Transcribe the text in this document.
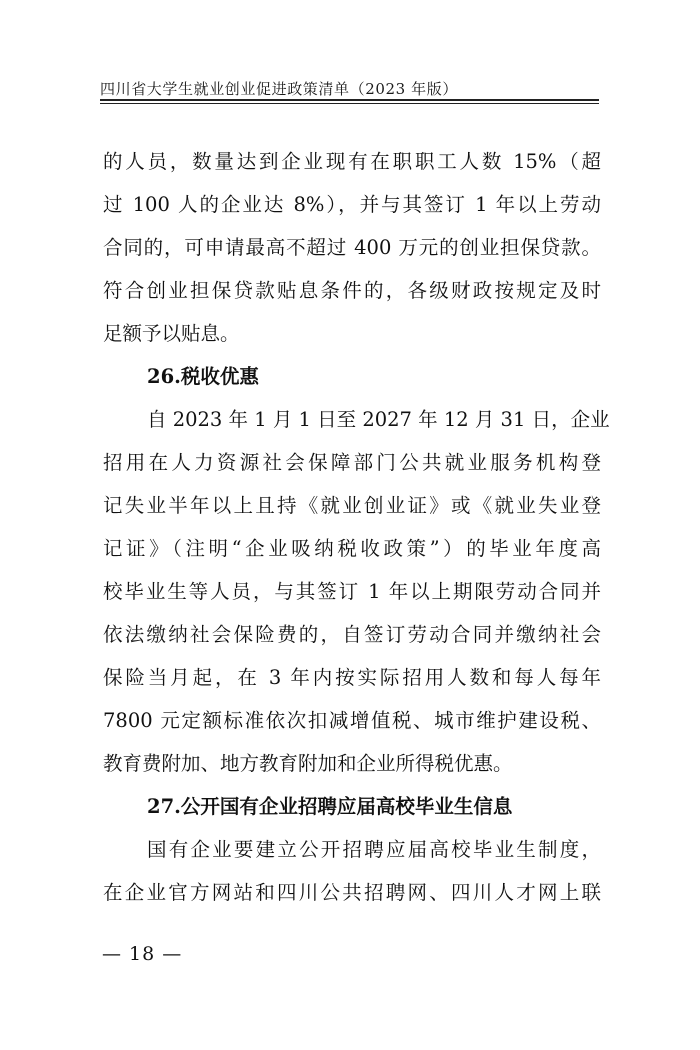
四川省大学生就业创业促进政策清单（2023 年版）
的人员，数量达到企业现有在职职工人数 15%（超
过 100 人的企业达 8%），并与其签订 1 年以上劳动
合同的，可申请最高不超过 400 万元的创业担保贷款。
符合创业担保贷款贴息条件的，各级财政按规定及时
足额予以贴息。
26.税收优惠
自 2023 年 1 月 1 日至 2027 年 12 月 31 日，企业
招用在人力资源社会保障部门公共就业服务机构登
记失业半年以上且持《就业创业证》或《就业失业登
记证》（注明“企业吸纳税收政策”）的毕业年度高
校毕业生等人员，与其签订 1 年以上期限劳动合同并
依法缴纳社会保险费的，自签订劳动合同并缴纳社会
保险当月起，在 3 年内按实际招用人数和每人每年
7800 元定额标准依次扣减增值税、城市维护建设税、
教育费附加、地方教育附加和企业所得税优惠。
27.公开国有企业招聘应届高校毕业生信息
国有企业要建立公开招聘应届高校毕业生制度，
在企业官方网站和四川公共招聘网、四川人才网上联
— 18 —
